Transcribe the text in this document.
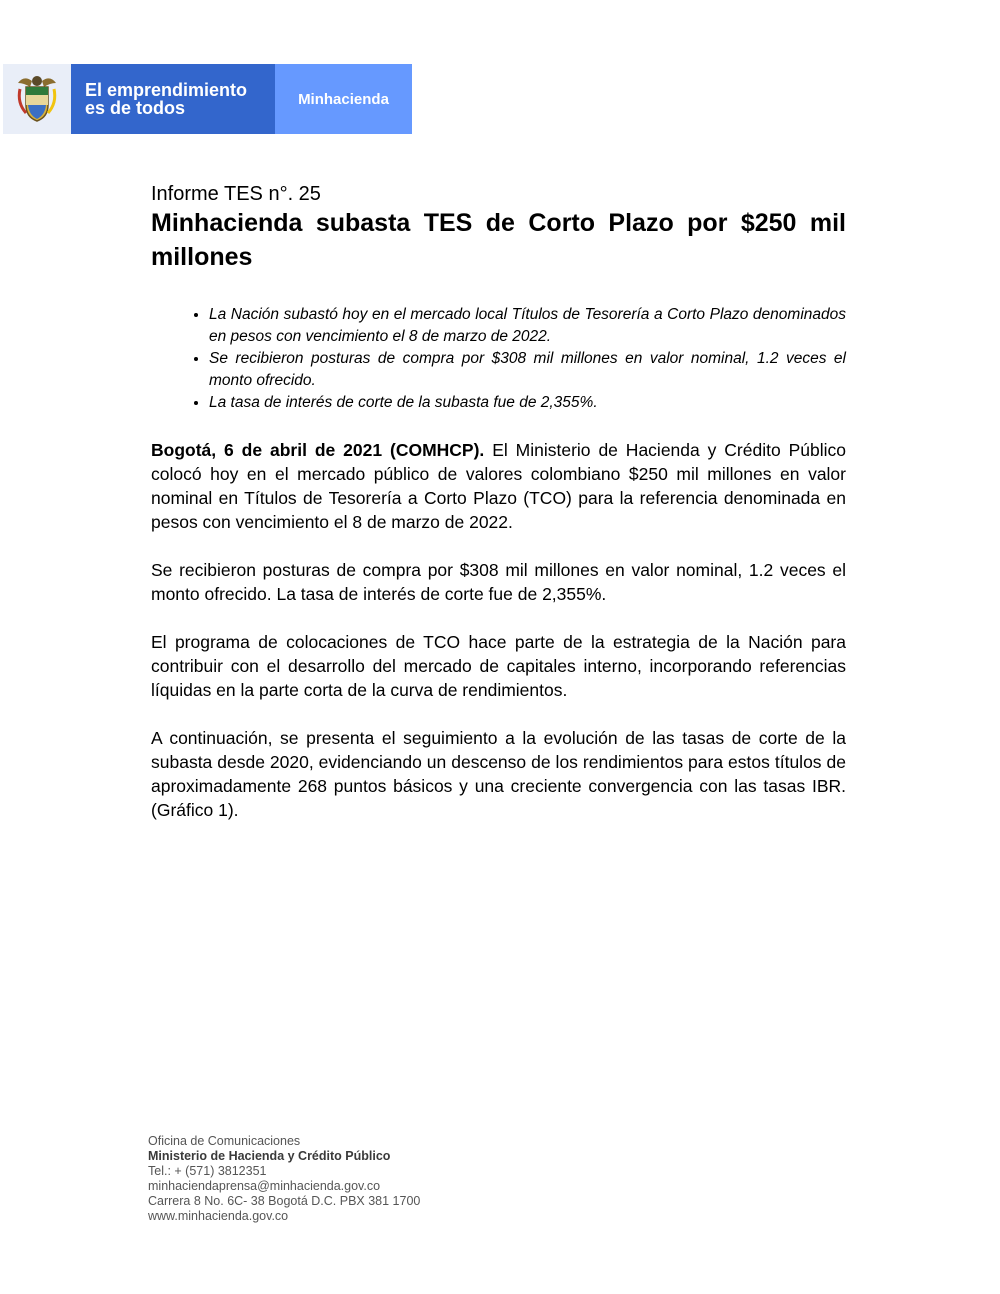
El emprendimiento
es de todos	Minhacienda
Informe TES n°. 25
Minhacienda subasta TES de Corto Plazo por $250 mil millones
• La Nación subastó hoy en el mercado local Títulos de Tesorería a Corto Plazo denominados en pesos con vencimiento el 8 de marzo de 2022.
• Se recibieron posturas de compra por $308 mil millones en valor nominal, 1.2 veces el monto ofrecido.
• La tasa de interés de corte de la subasta fue de 2,355%.

Bogotá, 6 de abril de 2021 (COMHCP). El Ministerio de Hacienda y Crédito Público colocó hoy en el mercado público de valores colombiano $250 mil millones en valor nominal en Títulos de Tesorería a Corto Plazo (TCO) para la referencia denominada en pesos con vencimiento el 8 de marzo de 2022.

Se recibieron posturas de compra por $308 mil millones en valor nominal, 1.2 veces el monto ofrecido. La tasa de interés de corte fue de 2,355%.

El programa de colocaciones de TCO hace parte de la estrategia de la Nación para contribuir con el desarrollo del mercado de capitales interno, incorporando referencias líquidas en la parte corta de la curva de rendimientos.

A continuación, se presenta el seguimiento a la evolución de las tasas de corte de la subasta desde 2020, evidenciando un descenso de los rendimientos para estos títulos de aproximadamente 268 puntos básicos y una creciente convergencia con las tasas IBR. (Gráfico 1).

Oficina de Comunicaciones
Ministerio de Hacienda y Crédito Público
Tel.: + (571) 3812351
minhaciendaprensa@minhacienda.gov.co
Carrera 8 No. 6C- 38 Bogotá D.C. PBX 381 1700
www.minhacienda.gov.co
